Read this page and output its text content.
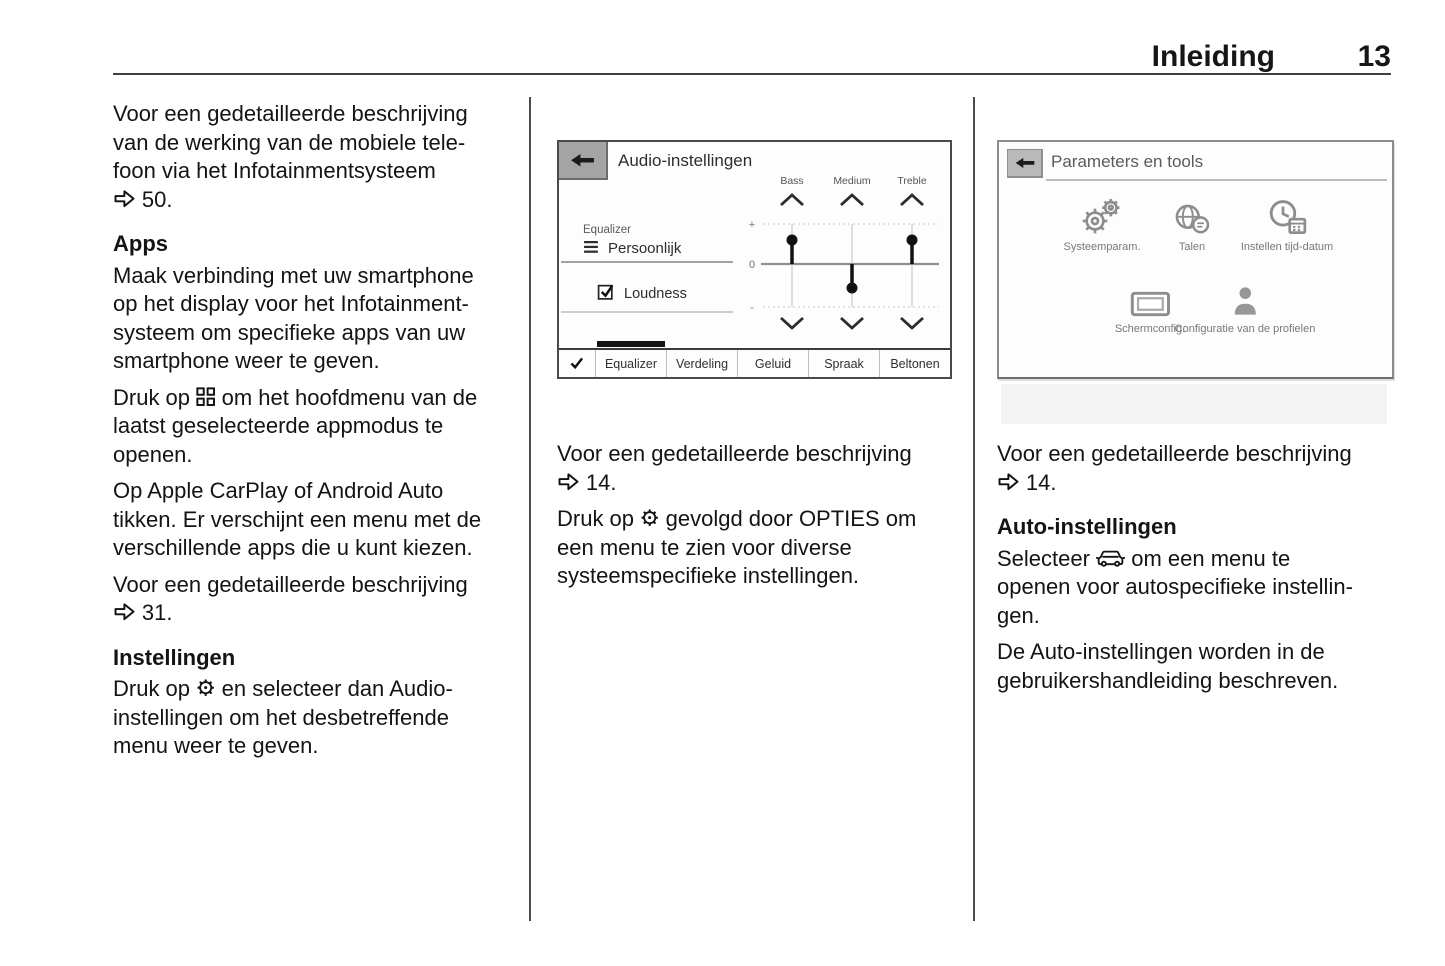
Inleiding	13
Voor een gedetailleerde beschrijving
van de werking van de mobiele tele-
foon via het Infotainmentsysteem
50.
Apps
Maak verbinding met uw smartphone
op het display voor het Infotainment-
systeem om specifieke apps van uw
smartphone weer te geven.
Druk op  om het hoofdmenu van de
laatst geselecteerde appmodus te
openen.
Op Apple CarPlay of Android Auto
tikken. Er verschijnt een menu met de
verschillende apps die u kunt kiezen.
Voor een gedetailleerde beschrijving
31.
Instellingen
Druk op  en selecteer dan Audio-
instellingen om het desbetreffende
menu weer te geven.
Voor een gedetailleerde beschrijving
14.
Druk op  gevolgd door OPTIES om
een menu te zien voor diverse
systeemspecifieke instellingen.
Voor een gedetailleerde beschrijving
14.
Auto-instellingen
Selecteer  om een menu te
openen voor autospecifieke instellin-
gen.
De Auto-instellingen worden in de
gebruikershandleiding beschreven.
Audio-instellingen
Equalizer
Persoonlijk
Loudness
+
0
-
Bass	Medium	Treble
Equalizer Verdeling Geluid	Spraak Beltonen
Parameters en tools
Systeemparam.	Talen	Instellen tijd-datum
Schermconfig.
Configuratie van de profielen
